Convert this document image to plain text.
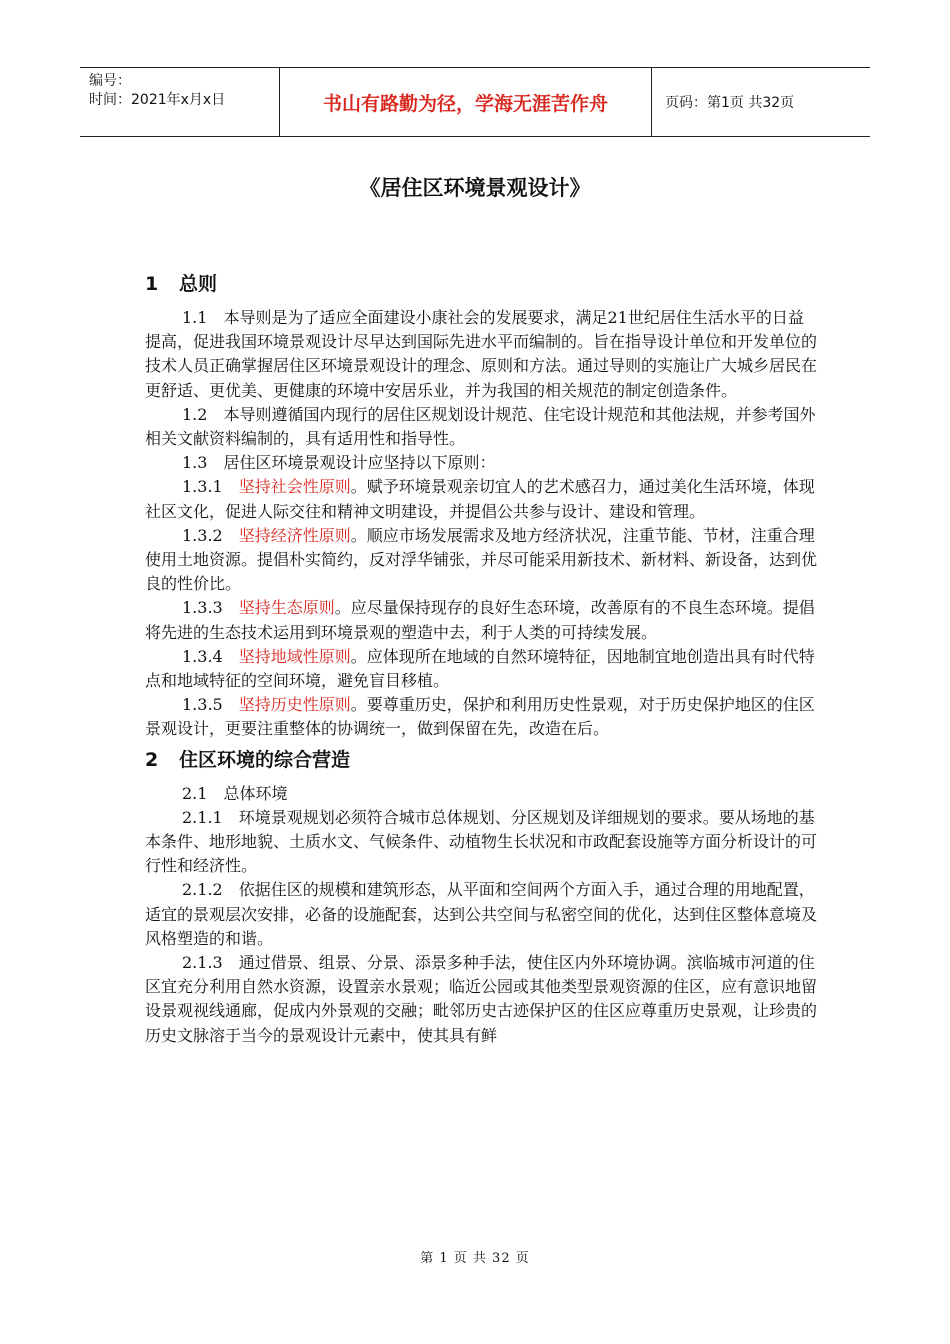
编号：
时间：2021年x月x日	书山有路勤为径，学海无涯苦作舟	页码：第1页 共32页
《居住区环境景观设计》
1 总则

1.1 本导则是为了适应全面建设小康社会的发展要求，满足21世纪居住生活水平的日益提高，促进我国环境景观设计尽早达到国际先进水平而编制的。旨在指导设计单位和开发单位的技术人员正确掌握居住区环境景观设计的理念、原则和方法。通过导则的实施让广大城乡居民在更舒适、更优美、更健康的环境中安居乐业，并为我国的相关规范的制定创造条件。

1.2 本导则遵循国内现行的居住区规划设计规范、住宅设计规范和其他法规，并参考国外相关文献资料编制的，具有适用性和指导性。

1.3 居住区环境景观设计应坚持以下原则：

1.3.1 坚持社会性原则。赋予环境景观亲切宜人的艺术感召力，通过美化生活环境，体现社区文化，促进人际交往和精神文明建设，并提倡公共参与设计、建设和管理。

1.3.2 坚持经济性原则。顺应市场发展需求及地方经济状况，注重节能、节材，注重合理使用土地资源。提倡朴实简约，反对浮华铺张，并尽可能采用新技术、新材料、新设备，达到优良的性价比。

1.3.3 坚持生态原则。应尽量保持现存的良好生态环境，改善原有的不良生态环境。提倡将先进的生态技术运用到环境景观的塑造中去，利于人类的可持续发展。

1.3.4 坚持地域性原则。应体现所在地域的自然环境特征，因地制宜地创造出具有时代特点和地域特征的空间环境，避免盲目移植。

1.3.5 坚持历史性原则。要尊重历史，保护和利用历史性景观，对于历史保护地区的住区景观设计，更要注重整体的协调统一，做到保留在先，改造在后。

2 住区环境的综合营造

2.1 总体环境

2.1.1 环境景观规划必须符合城市总体规划、分区规划及详细规划的要求。要从场地的基本条件、地形地貌、土质水文、气候条件、动植物生长状况和市政配套设施等方面分析设计的可行性和经济性。

2.1.2 依据住区的规模和建筑形态，从平面和空间两个方面入手，通过合理的用地配置，适宜的景观层次安排，必备的设施配套，达到公共空间与私密空间的优化，达到住区整体意境及风格塑造的和谐。

2.1.3 通过借景、组景、分景、添景多种手法，使住区内外环境协调。滨临城市河道的住区宜充分利用自然水资源，设置亲水景观；临近公园或其他类型景观资源的住区，应有意识地留设景观视线通廊，促成内外景观的交融；毗邻历史古迹保护区的住区应尊重历史景观，让珍贵的历史文脉溶于当今的景观设计元素中，使其具有鲜

第 1 页 共 32 页
